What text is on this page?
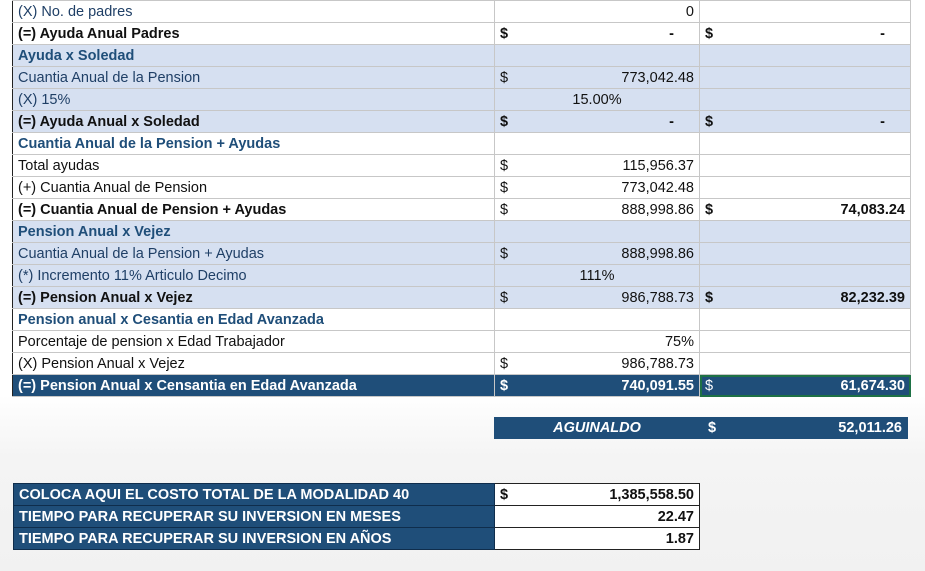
(X) No. de padres	0	
(=) Ayuda Anual Padres	$ -	$ -

Ayuda x Soledad		
Cuantia Anual de la Pension	$ 773,042.48	

(X) 15%	15.00%	
(=) Ayuda Anual x Soledad	$ -	$ -

Cuantia Anual de la Pension + Ayudas		
Total ayudas	$ 115,956.37	

(+) Cuantia Anual de Pension	$ 773,042.48	

(=) Cuantia Anual de Pension + Ayudas	$ 888,998.86	$ 74,083.24

Pension Anual x Vejez		
Cuantia Anual de la Pension + Ayudas	$ 888,998.86	

(*) Incremento 11% Articulo Decimo	111%	
(=) Pension Anual x Vejez	$ 986,788.73	$ 82,232.39

Pension anual x Cesantia en Edad Avanzada		
Porcentaje de pension x Edad Trabajador	75%	
(X) Pension Anual x Vejez	$ 986,788.73	

(=) Pension Anual x Censantia en Edad Avanzada	$ 740,091.55	$ 61,674.30
AGUINALDO	$	52,011.26
COLOCA AQUI EL COSTO TOTAL DE LA MODALIDAD 40	$ 1,385,558.50

TIEMPO PARA RECUPERAR SU INVERSION EN MESES	22.47
TIEMPO PARA RECUPERAR SU INVERSION EN AÑOS	1.87
